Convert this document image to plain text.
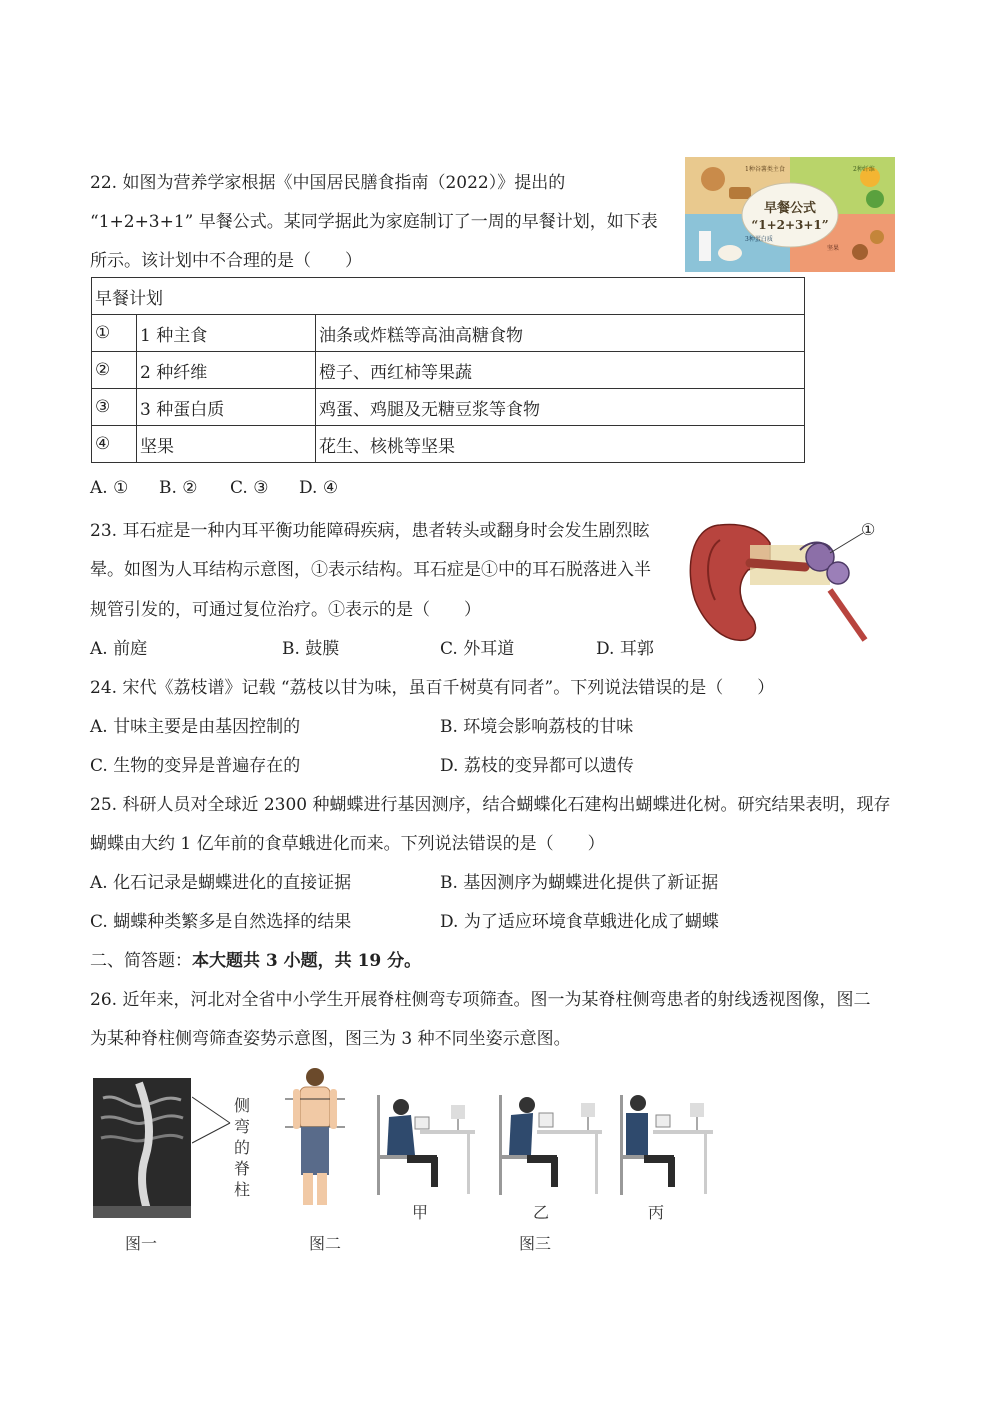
22. 如图为营养学家根据《中国居民膳食指南（2022）》提出的
“1+2+3+1” 早餐公式。某同学据此为家庭制订了一周的早餐计划，如下表
所示。该计划中不合理的是（　　）
早餐公式
“1+2+3+1”
1种谷薯类主食	2种纤维
3种蛋白质
坚果
早餐计划		
①	1 种主食	油条或炸糕等高油高糖食物
②	2 种纤维	橙子、西红柿等果蔬
③	3 种蛋白质	鸡蛋、鸡腿及无糖豆浆等食物
④	坚果	花生、核桃等坚果
A. ① B. ② C. ③ D. ④
23. 耳石症是一种内耳平衡功能障碍疾病，患者转头或翻身时会发生剧烈眩
晕。如图为人耳结构示意图，①表示结构。耳石症是①中的耳石脱落进入半
规管引发的，可通过复位治疗。①表示的是（　　）
①
A. 前庭	B. 鼓膜	C. 外耳道	D. 耳郭
24. 宋代《荔枝谱》记载 “荔枝以甘为味，虽百千树莫有同者”。下列说法错误的是（　　）
A. 甘味主要是由基因控制的	B. 环境会影响荔枝的甘味
C. 生物的变异是普遍存在的	D. 荔枝的变异都可以遗传
25. 科研人员对全球近 2300 种蝴蝶进行基因测序，结合蝴蝶化石建构出蝴蝶进化树。研究结果表明，现存
蝴蝶由大约 1 亿年前的食草蛾进化而来。下列说法错误的是（　　）
A. 化石记录是蝴蝶进化的直接证据	B. 基因测序为蝴蝶进化提供了新证据
C. 蝴蝶种类繁多是自然选择的结果	D. 为了适应环境食草蛾进化成了蝴蝶
二、简答题：本大题共 3 小题，共 19 分。
26. 近年来，河北对全省中小学生开展脊柱侧弯专项筛查。图一为某脊柱侧弯患者的射线透视图像，图二
为某种脊柱侧弯筛查姿势示意图，图三为 3 种不同坐姿示意图。
侧
弯
的
脊
柱
甲	乙	丙
图一	图二	图三
